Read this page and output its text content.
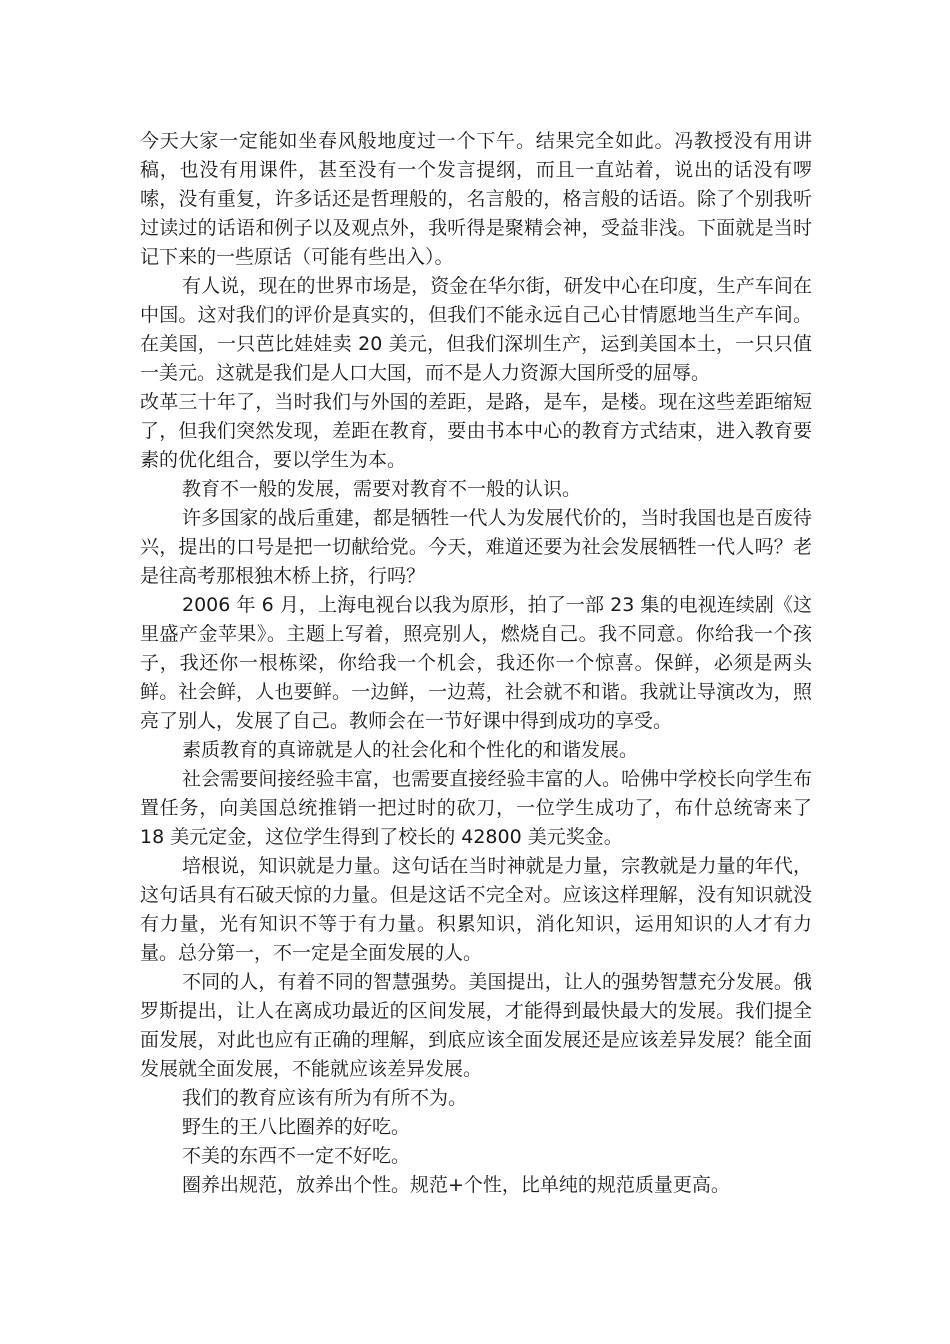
今天大家一定能如坐春风般地度过一个下午。结果完全如此。冯教授没有用讲稿，也没有用课件，甚至没有一个发言提纲，而且一直站着，说出的话没有啰嗦，没有重复，许多话还是哲理般的，名言般的，格言般的话语。除了个别我听过读过的话语和例子以及观点外，我听得是聚精会神，受益非浅。下面就是当时记下来的一些原话（可能有些出入）。

有人说，现在的世界市场是，资金在华尔街，研发中心在印度，生产车间在中国。这对我们的评价是真实的，但我们不能永远自己心甘情愿地当生产车间。在美国，一只芭比娃娃卖 20 美元，但我们深圳生产，运到美国本土，一只只值一美元。这就是我们是人口大国，而不是人力资源大国所受的屈辱。

改革三十年了，当时我们与外国的差距，是路，是车，是楼。现在这些差距缩短了，但我们突然发现，差距在教育，要由书本中心的教育方式结束，进入教育要素的优化组合，要以学生为本。

教育不一般的发展，需要对教育不一般的认识。

许多国家的战后重建，都是牺牲一代人为发展代价的，当时我国也是百废待兴，提出的口号是把一切献给党。今天，难道还要为社会发展牺牲一代人吗？老是往高考那根独木桥上挤，行吗？

2006 年 6 月，上海电视台以我为原形，拍了一部 23 集的电视连续剧《这里盛产金苹果》。主题上写着，照亮别人，燃烧自己。我不同意。你给我一个孩子，我还你一根栋梁，你给我一个机会，我还你一个惊喜。保鲜，必须是两头鲜。社会鲜，人也要鲜。一边鲜，一边蔫，社会就不和谐。我就让导演改为，照亮了别人，发展了自己。教师会在一节好课中得到成功的享受。

素质教育的真谛就是人的社会化和个性化的和谐发展。

社会需要间接经验丰富，也需要直接经验丰富的人。哈佛中学校长向学生布置任务，向美国总统推销一把过时的砍刀，一位学生成功了，布什总统寄来了 18 美元定金，这位学生得到了校长的 42800 美元奖金。

培根说，知识就是力量。这句话在当时神就是力量，宗教就是力量的年代，这句话具有石破天惊的力量。但是这话不完全对。应该这样理解，没有知识就没有力量，光有知识不等于有力量。积累知识，消化知识，运用知识的人才有力量。总分第一，不一定是全面发展的人。

不同的人，有着不同的智慧强势。美国提出，让人的强势智慧充分发展。俄罗斯提出，让人在离成功最近的区间发展，才能得到最快最大的发展。我们提全面发展，对此也应有正确的理解，到底应该全面发展还是应该差异发展？能全面发展就全面发展，不能就应该差异发展。

我们的教育应该有所为有所不为。

野生的王八比圈养的好吃。

不美的东西不一定不好吃。

圈养出规范，放养出个性。规范+个性，比单纯的规范质量更高。
